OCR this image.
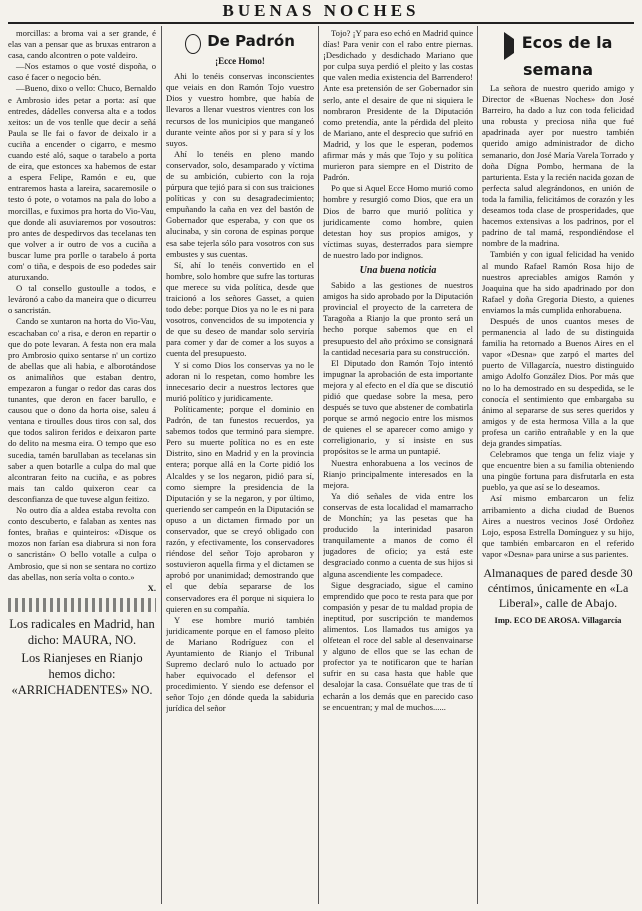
BUENAS NOCHES

morcillas: a broma vai a ser grande, é elas van a pensar que as bruxas entraron a casa, cando alcontren o pote valdeiro.

—Nos estamos o que vosté dispoña, o caso é facer o negocio bén.

—Bueno, dixo o vello: Chuco, Bernaldo e Ambrosio ides petar a porta: así que entredes, dádelles conversa alta e a todos xeitos: un de vos tenlle que decir a señá Paula se lle fai o favor de deixalo ir a cuciña a encender o cigarro, e mesmo cuando esté aló, saque o tarabelo a porta de eira, que estonces xa habemos de estar a espera Felipe, Ramón e eu, que entraremos hasta a lareira, sacaremosile o testo ó pote, o votamos na pala do lobo a morcillas, e fuximos pra horta do Vio-Vau, que donde ali asuviaremos por vosoutros: pro antes de despedirvos das tecelanas ten que volver a ir outro de vos a cuciña a buscar lume pra porlle o tarabelo á porta com' o tiña, e despois de eso podedes sair aturuxando.

O tal consello gustoulle a todos, e leváronó a cabo da maneira que o dicurreu o sancristán.

Cando se xuntaron na horta do Vio-Vau, escachaban co' a risa, e deron en repartir o que do pote levaran. A festa non era mala pro Ambrosio quixo sentarse n' un cortizo de abellas que ali habia, e alborotándose os animaliños que estaban dentro, empezaron a fungar o redor das caras dos tunantes, que deron en facer barullo, e causou que o dono da horta oise, saleu á ventana e tiroulles dous tiros con sal, dos que todos saliron feridos e deixaron parte do delito na mesma eira. O tempo que eso sucedia, tamén barullaban as tecelanas sin saber a quen botarlle a culpa do mal que alcontraran feito na cuciña, e as pobres mais tan caldo quixeron cear ca desconfianza de que tuvese algun feitizo.

No outro día a aldea estaba revolta con conto descuberto, e falaban as xentes nas fontes, brañas e quinteiros: «Disque os mozos non farían esa diabrura si non fora o sancristán» O bello votalle a culpa o Ambrosio, que si non se sentara no cortizo das abellas, non sería volta o conto.»

X.
Los radicales en Madrid, han dicho: MAURA, NO.
Los Rianjeses en Rianjo hemos dicho: «ARRICHADENTES» NO.
De Padrón
¡Ecce Homo!

Ahi lo tenéis conservas inconscientes que veiais en don Ramón Tojo vuestro Dios y vuestro hombre, que había de llevaros a llenar vuestros vientres con los recursos de los municipios que manganeó durante veinte años por si y para sí y los suyos.

Ahí lo tenéis en pleno mando conservador, solo, desamparado y víctima de su ambición, cubierto con la roja púrpura que tejió para si con sus traiciones políticas y con su desagradecimiento; empuñando la caña en vez del bastón de Gobernador que esperaba, y con que os alucinaba, y sin corona de espinas porque esa sabe tejerla sólo para vosotros con sus embustes y sus cuentas.

Sí, ahí lo tenéis convertido en el hombre, solo hombre que sufre las torturas que merece su vida política, desde que traicionó a los señores Gasset, a quien todo debe: porque Dios ya no le es ni para vosotros, convencidos de su impotencia y de que su deseo de mandar solo serviría para comer y dar de comer a los suyos a cuenta del presupuesto.

Y si como Dios los conservas ya no le adoran ni lo respetan, como hombre les innecesario decir a nuestros lectores que murió político y juridicamente.

Políticamente; porque el dominio en Padrón, de tan funestos recuerdos, ya sabemos todos que terminó para siempre. Pero su muerte política no es en este Distrito, sino en Madrid y en la provincia entera; porque allá en la Corte pidió los Alcaldes y se los negaron, pidió para sí, como siempre la presidencia de la Diputación y se la negaron, y por último, queriendo ser campeón en la Diputación se opuso a un dictamen firmado por un conservador, que se creyó obligado con razón, y efectivamente, los conservadores riéndose del señor Tojo aprobaron y sostuvieron aquella firma y el dictamen se aprobó por unanimidad; demostrando que el que debía separarse de los conservadores era él porque ni siquiera lo quieren en su compañía.

Y ese hombre murió también juridicamente porque en el famoso pleito de Mariano Rodríguez con el Ayuntamiento de Rianjo el Tribunal Supremo declaró nulo lo actuado por haber equivocado el defensor el procedimiento. Y siendo ese defensor el señor Tojo ¿en dónde queda la sabiduria jurídica del señor

Tojo? ¡Y para eso echó en Madrid quince días! Para venir con el rabo entre piernas. ¡Desdichado y desdichado Mariano que por culpa suya perdió el pleito y las costas que valen media existencia del Barrendero! Ante esa pretensión de ser Gobernador sin serlo, ante el desaire de que ni siquiera le nombraron Presidente de la Diputación como pretendía, ante la pérdida del pleito de Mariano, ante el desprecio que sufrió en Madrid, y los que le esperan, podemos afirmar más y más que Tojo y su política murieron para siempre en el Distrito de Padrón.

Po que si Aquel Ecce Homo murió como hombre y resurgió como Dios, que era un Dios de barro que murió política y juridicamente como hombre, quien detestan hoy sus propios amigos, y víctimas suyas, desterrados para siempre de nuestro lado por indignos.

Una buena noticia

Sabido a las gestiones de nuestros amigos ha sido aprobado por la Diputación provincial el proyecto de la carretera de Taragoña a Rianjo la que pronto será un hecho porque sabemos que en el presupuesto del año próximo se consignará la cantidad necesaria para su construcción.

El Diputado don Ramón Tojo intentó impugnar la aprobación de esta importante mejora y al efecto en el día que se discutió pidió que quedase sobre la mesa, pero después se tuvo que abstener de combatirla porque se armó negocio entre los mismos de quienes el se aparecer como amigo y correligionario, y sí insiste en sus propósitos se le arma un puntapié.

Nuestra enhorabuena a los vecinos de Rianjo principalmente interesados en la mejora.

Ya dió señales de vida entre los conservas de esta localidad el mamarracho de Monchín; ya las pesetas que ha producido la interinidad pasaron tranquilamente a manos de como él jugadores de oficio; ya está este desgraciado conmo a cuenta de sus hijos si alguna ascendiente les compadece.

Sigue desgraciado, sigue el camino emprendido que poco te resta para que por compasión y pesar de tu maldad propia de ineptitud, por suscripción te mandemos alimentos. Los llamados tus amigos ya olfetean el roce del sable al desenvainarse y alguno de ellos que se las echan de profector ya te notificaron que te harían sufrir en su casa hasta que hable que desalojar la casa. Consuélate que tras de tí echarán a los demás que en parecido caso se encuentran; y mal de muchos......

Ecos de la semana

La señora de nuestro querido amigo y Director de «Buenas Noches» don José Barreiro, ha dado a luz con toda felicidad una robusta y preciosa niña que fué apadrinada ayer por nuestro también querido amigo administrador de dicho semanario, don José María Varela Torrado y doña Dígna Pombo, hermana de la parturienta. Esta y la recién nacida gozan de perfecta salud alegrándonos, en unión de toda la familia, felicitámos de corazón y les deseamos toda clase de prosperidades, que hacemos extensivas a los padrinos, por el padrino de tal mamá, respondiéndose el nombre de la madrina.

También y con igual felicidad ha venido al mundo Rafael Ramón Rosa hijo de nuestros apreciables amigos Ramón y Joaquina que ha sido apadrinado por don Rafael y doña Gregoria Diesto, a quienes enviamos la más cumplida enhorabuena.

Después de unos cuantos meses de permanencia al lado de su distinguida familia ha retornado a Buenos Aires en el vapor «Desna» que zarpó el martes del puerto de Villagarcía, nuestro distinguido amigo Adolfo González Dios. Por más que no lo ha demostrado en su despedida, se le conocía el sentimiento que embargaba su ánimo al separarse de sus seres queridos y amigos y de esta hermosa Villa a la que profesa un cariño entrañable y en la que deja grandes simpatías.

Celebramos que tenga un feliz viaje y que encuentre bien a su familia obteniendo una pingüe fortuna para disfrutarla en esta pueblo, ya que así se lo deseamos.

Así mismo embarcaron un feliz arribamiento a dicha ciudad de Buenos Aires a nuestros vecinos José Ordoñez Lojo, esposa Estrella Domínguez y su hijo, que también embarcaron en el referido vapor «Desna» para unirse a sus parientes.

Almanaques de pared desde 30 céntimos, únicamente en «La Liberal», calle de Abajo.
Imp. ECO DE AROSA. Villagarcía
